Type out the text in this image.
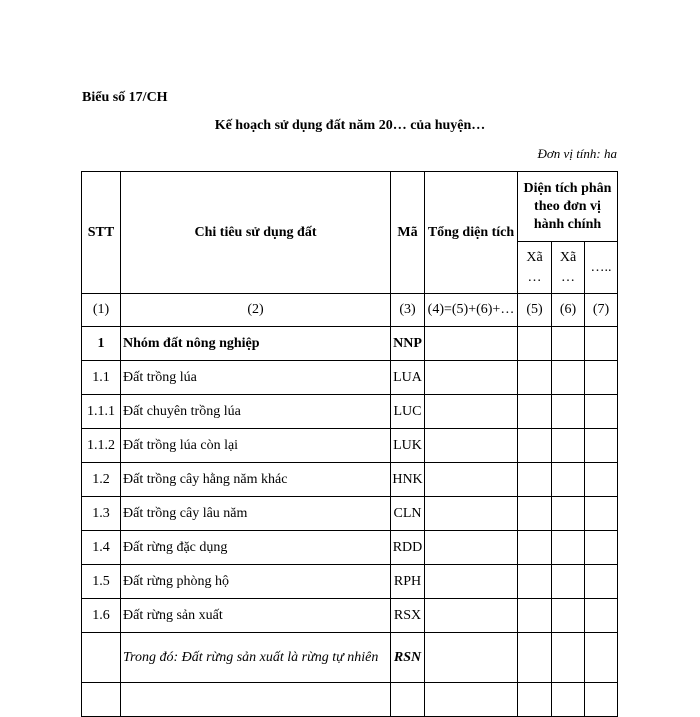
Biểu số 17/CH
Kế hoạch sử dụng đất năm 20… của huyện…
Đơn vị tính: ha
STT	Chi tiêu sử dụng đất	Mã	Tổng diện tích	Diện tích phân theo đơn vị hành chính		
				Xã …	Xã …	…..
(1)	(2)	(3)	(4)=(5)+(6)+…	(5)	(6)	(7)
1	Nhóm đất nông nghiệp	NNP				
1.1	Đất trồng lúa	LUA				
1.1.1	Đất chuyên trồng lúa	LUC				
1.1.2	Đất trồng lúa còn lại	LUK				
1.2	Đất trồng cây hằng năm khác	HNK				
1.3	Đất trồng cây lâu năm	CLN				
1.4	Đất rừng đặc dụng	RDD				
1.5	Đất rừng phòng hộ	RPH				
1.6	Đất rừng sản xuất	RSX				
	Trong đó: Đất rừng sản xuất là rừng tự nhiên	RSN				
